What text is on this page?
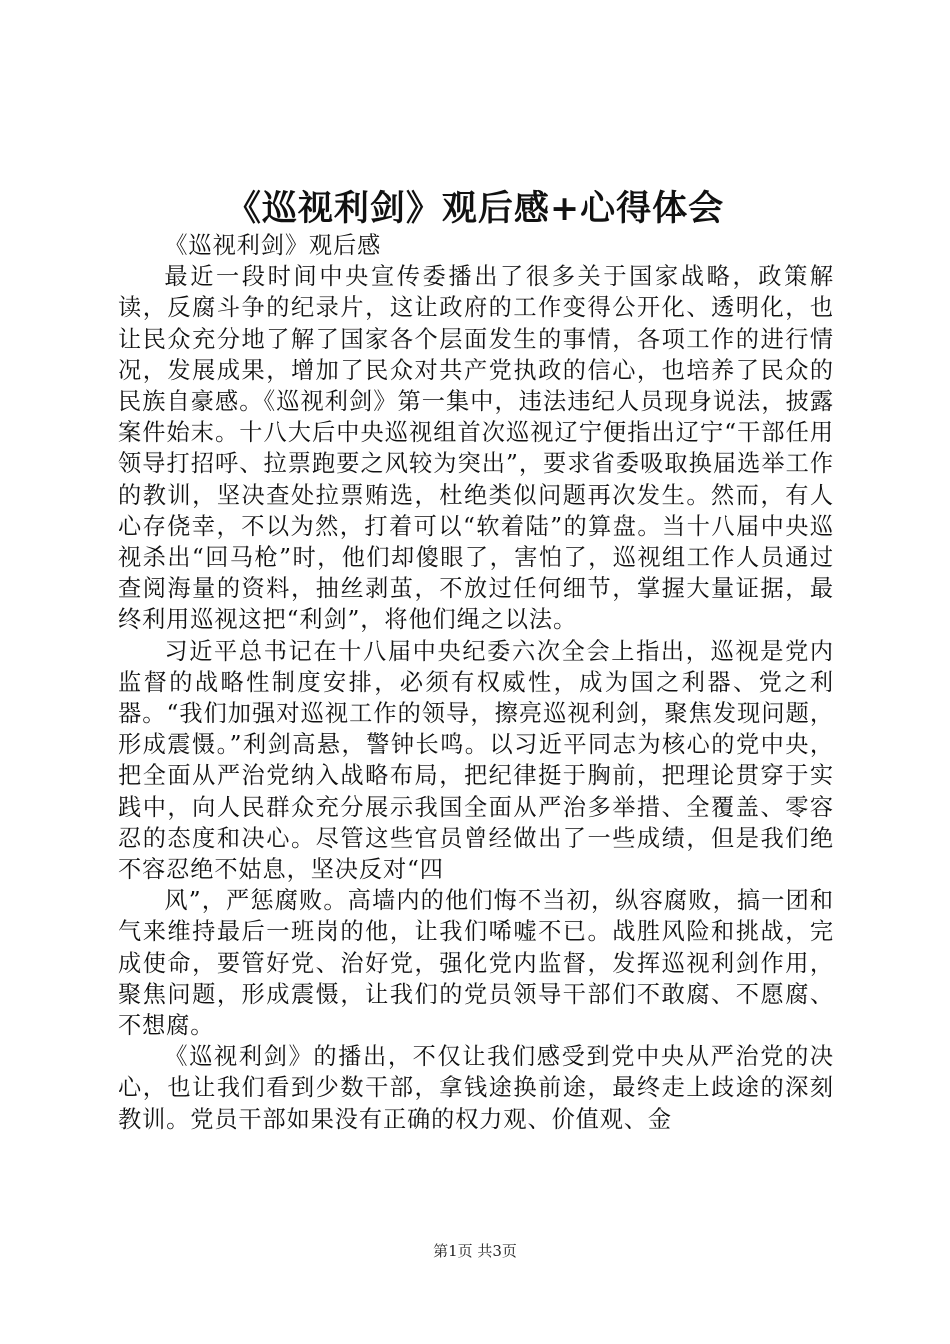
《巡视利剑》观后感+心得体会

《巡视利剑》观后感

最近一段时间中央宣传委播出了很多关于国家战略，政策解读，反腐斗争的纪录片，这让政府的工作变得公开化、透明化，也让民众充分地了解了国家各个层面发生的事情，各项工作的进行情况，发展成果，增加了民众对共产党执政的信心，也培养了民众的民族自豪感。《巡视利剑》第一集中，违法违纪人员现身说法，披露案件始末。十八大后中央巡视组首次巡视辽宁便指出辽宁“干部任用领导打招呼、拉票跑要之风较为突出”，要求省委吸取换届选举工作的教训，坚决查处拉票贿选，杜绝类似问题再次发生。然而，有人心存侥幸，不以为然，打着可以“软着陆”的算盘。当十八届中央巡视杀出“回马枪”时，他们却傻眼了，害怕了，巡视组工作人员通过查阅海量的资料，抽丝剥茧，不放过任何细节，掌握大量证据，最终利用巡视这把“利剑”，将他们绳之以法。

习近平总书记在十八届中央纪委六次全会上指出，巡视是党内监督的战略性制度安排，必须有权威性，成为国之利器、党之利器。“我们加强对巡视工作的领导，擦亮巡视利剑，聚焦发现问题，形成震慑。”利剑高悬，警钟长鸣。以习近平同志为核心的党中央，把全面从严治党纳入战略布局，把纪律挺于胸前，把理论贯穿于实践中，向人民群众充分展示我国全面从严治多举措、全覆盖、零容忍的态度和决心。尽管这些官员曾经做出了一些成绩，但是我们绝不容忍绝不姑息，坚决反对“四

风”，严惩腐败。高墙内的他们悔不当初，纵容腐败，搞一团和气来维持最后一班岗的他，让我们唏嘘不已。战胜风险和挑战，完成使命，要管好党、治好党，强化党内监督，发挥巡视利剑作用，聚焦问题，形成震慑，让我们的党员领导干部们不敢腐、不愿腐、不想腐。

《巡视利剑》的播出，不仅让我们感受到党中央从严治党的决心，也让我们看到少数干部，拿钱途换前途，最终走上歧途的深刻教训。党员干部如果没有正确的权力观、价值观、金

第1页 共3页
